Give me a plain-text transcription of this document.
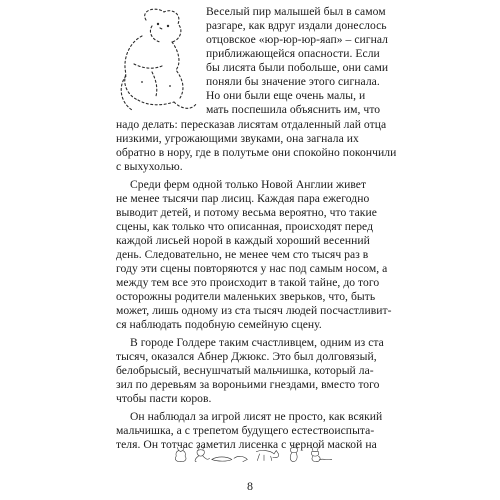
Веселый пир малышей был в самом
разгаре, как вдруг издали донеслось
отцовское «юр-юр-юр-яап» – сигнал
приближающейся опасности. Если
бы лисята были побольше, они сами
поняли бы значение этого сигнала.
Но они были еще очень малы, и
мать поспешила объяснить им, что
надо делать: пересказав лисятам отдаленный лай отца
низкими, угрожающими звуками, она загнала их
обратно в нору, где в полутьме они спокойно покончили
с выхухолью.
Среди ферм одной только Новой Англии живет
не менее тысячи пар лисиц. Каждая пара ежегодно
выводит детей, и потому весьма вероятно, что такие
сцены, как только что описанная, происходят перед
каждой лисьей норой в каждый хороший весенний
день. Следовательно, не менее чем сто тысяч раз в
году эти сцены повторяются у нас под самым носом, а
между тем все это происходит в такой тайне, до того
осторожны родители маленьких зверьков, что, быть
может, лишь одному из ста тысяч людей посчастливит-
ся наблюдать подобную семейную сцену.
В городе Голдере таким счастливцем, одним из ста
тысяч, оказался Абнер Джюкс. Это был долговязый,
белобрысый, веснушчатый мальчишка, который ла-
зил по деревьям за вороньими гнездами, вместо того
чтобы пасти коров.
Он наблюдал за игрой лисят не просто, как всякий
мальчишка, а с трепетом будущего естествоиспыта-
теля. Он тотчас заметил лисенка с черной маской на
8
